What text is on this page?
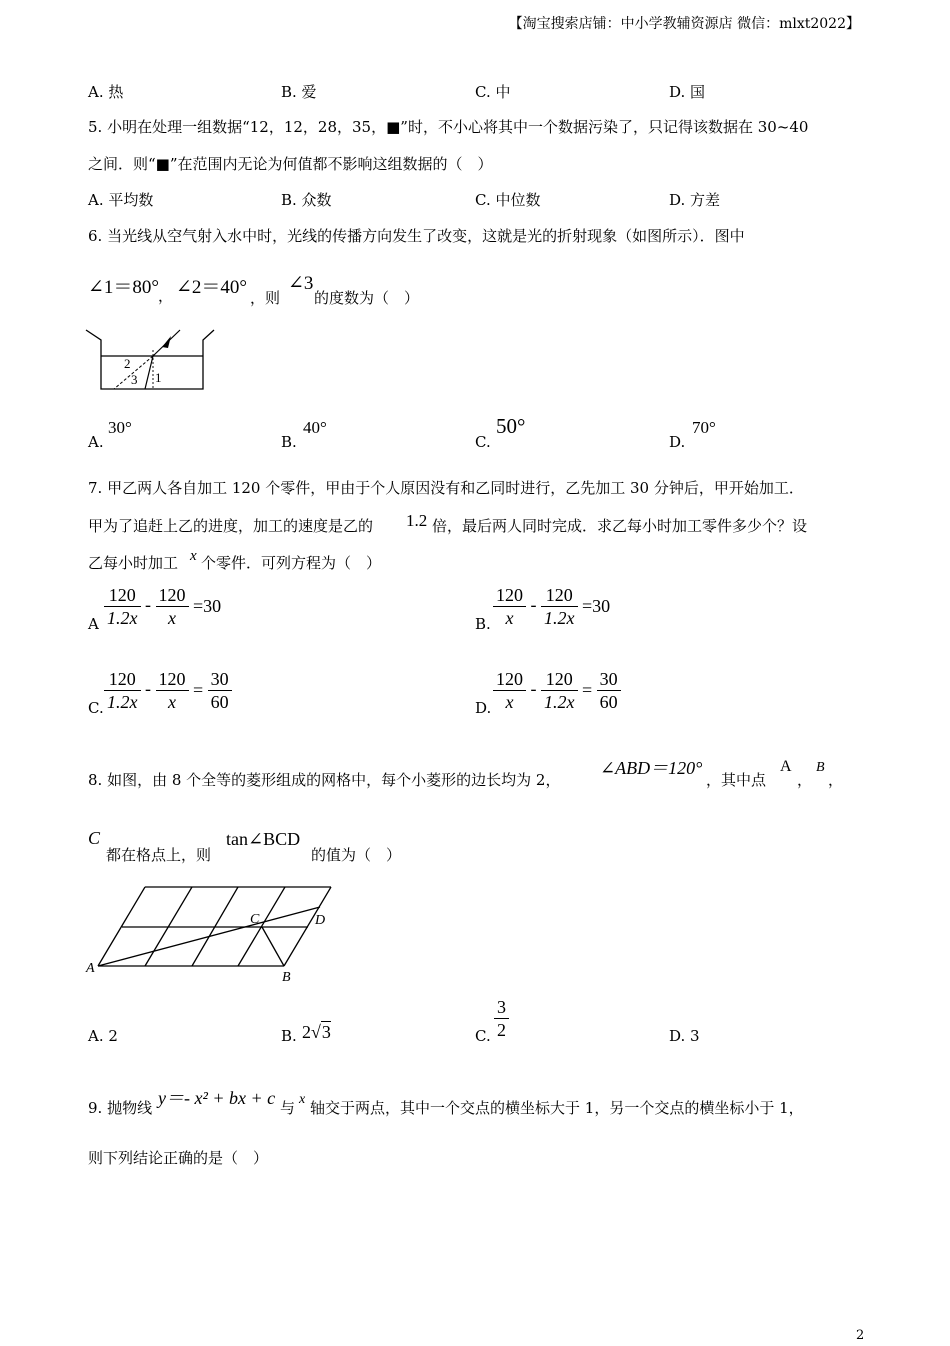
【淘宝搜索店铺：中小学教辅资源店 微信：mlxt2022】
A. 热	B. 爱	C. 中	D. 国
5. 小明在处理一组数据“12，12，28，35，■”时，不小心将其中一个数据污染了，只记得该数据在 30~40
之间．则“■”在范围内无论为何值都不影响这组数据的（　）
A. 平均数	B. 众数	C. 中位数	D. 方差
6. 当光线从空气射入水中时，光线的传播方向发生了改变，这就是光的折射现象（如图所示）．图中
∠1＝80°
， ∠2＝40° ，则
∠3
的度数为（　）
2
3 1
A.
30°
B.
40°
C.
50°
D.
70°
7. 甲乙两人各自加工 120 个零件，甲由于个人原因没有和乙同时进行，乙先加工 30 分钟后，甲开始加工．
甲为了追赶上乙的进度，加工的速度是乙的 1.2 倍，最后两人同时完成．求乙每小时加工零件多少个？设
乙每小时加工 x 个零件．可列方程为（　）
A $\frac{120}{1.2x} - \frac{120}{x} =30$
B. $\frac{120}{x} - \frac{120}{1.2x} =30$
C. $\frac{120}{1.2x} - \frac{120}{x} = \frac{30}{60}$	D. $\frac{120}{x} - \frac{120}{1.2x} = \frac{30}{60}$
8. 如图，由 8 个全等的菱形组成的网格中，每个小菱形的边长均为 2，
∠ABD＝120°
，其中点
A
，
B
，
C
都在格点上，则
tan∠BCD
的值为（　）
A
B
C	D
A. 2	B. 2√3	C. $\frac{3}{2}$	D. 3
9. 抛物线 y＝- x² + bx + c 与 x 轴交于两点，其中一个交点的横坐标大于 1，另一个交点的横坐标小于 1，
则下列结论正确的是（　）
2
